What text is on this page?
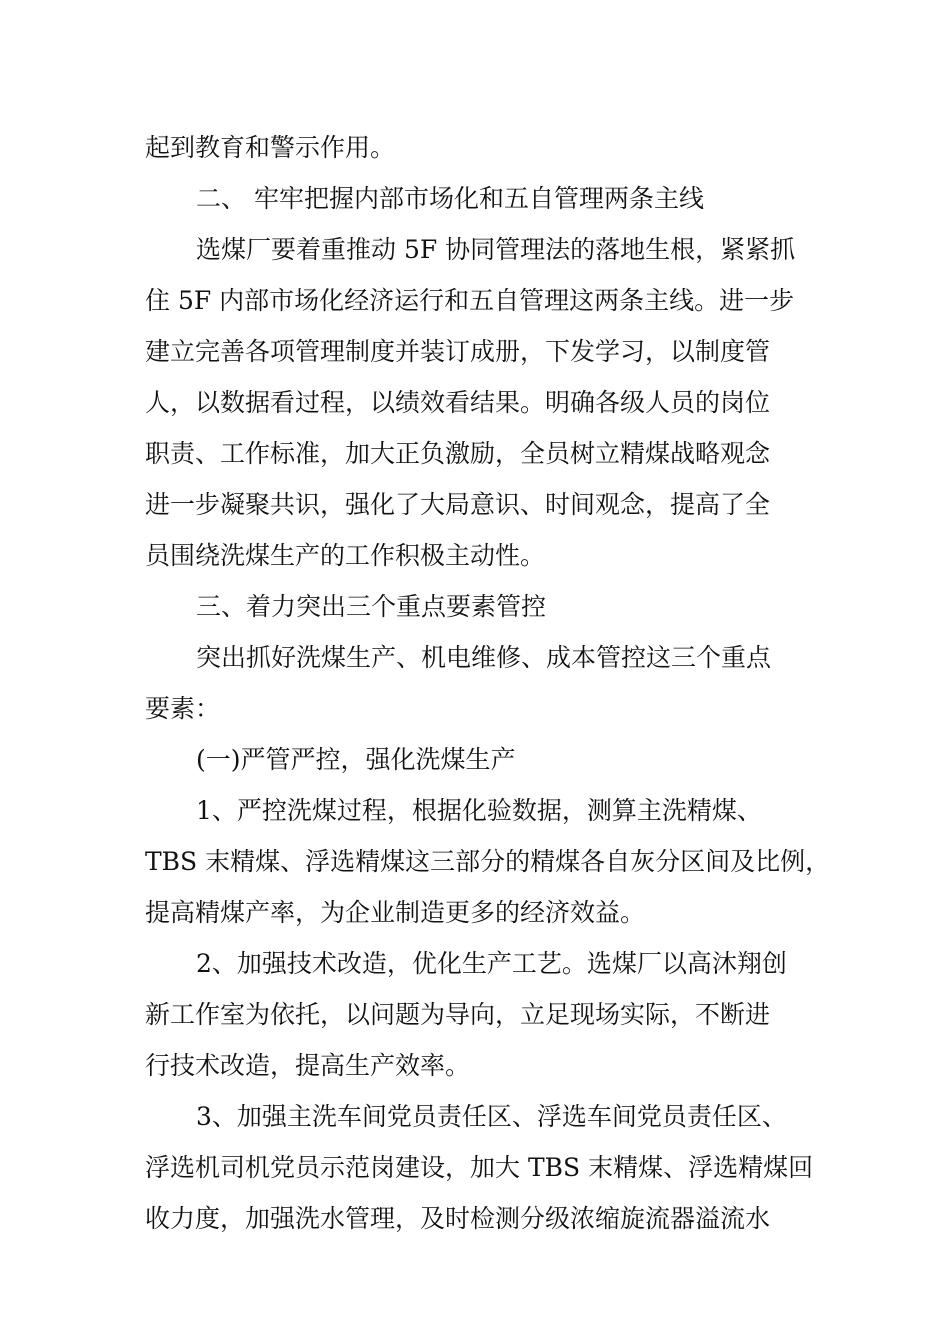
起到教育和警示作用。

二、 牢牢把握内部市场化和五自管理两条主线

选煤厂要着重推动 5F 协同管理法的落地生根，紧紧抓

住 5F 内部市场化经济运行和五自管理这两条主线。进一步

建立完善各项管理制度并装订成册，下发学习，以制度管

人，以数据看过程，以绩效看结果。明确各级人员的岗位

职责、工作标准，加大正负激励，全员树立精煤战略观念

进一步凝聚共识，强化了大局意识、时间观念，提高了全

员围绕洗煤生产的工作积极主动性。

三、着力突出三个重点要素管控

突出抓好洗煤生产、机电维修、成本管控这三个重点

要素：

(一)严管严控，强化洗煤生产

1、严控洗煤过程，根据化验数据，测算主洗精煤、

TBS 末精煤、浮选精煤这三部分的精煤各自灰分区间及比例，

提高精煤产率，为企业制造更多的经济效益。

2、加强技术改造，优化生产工艺。选煤厂以高沐翔创

新工作室为依托，以问题为导向，立足现场实际，不断进

行技术改造，提高生产效率。

3、加强主洗车间党员责任区、浮选车间党员责任区、

浮选机司机党员示范岗建设，加大 TBS 末精煤、浮选精煤回

收力度，加强洗水管理，及时检测分级浓缩旋流器溢流水
